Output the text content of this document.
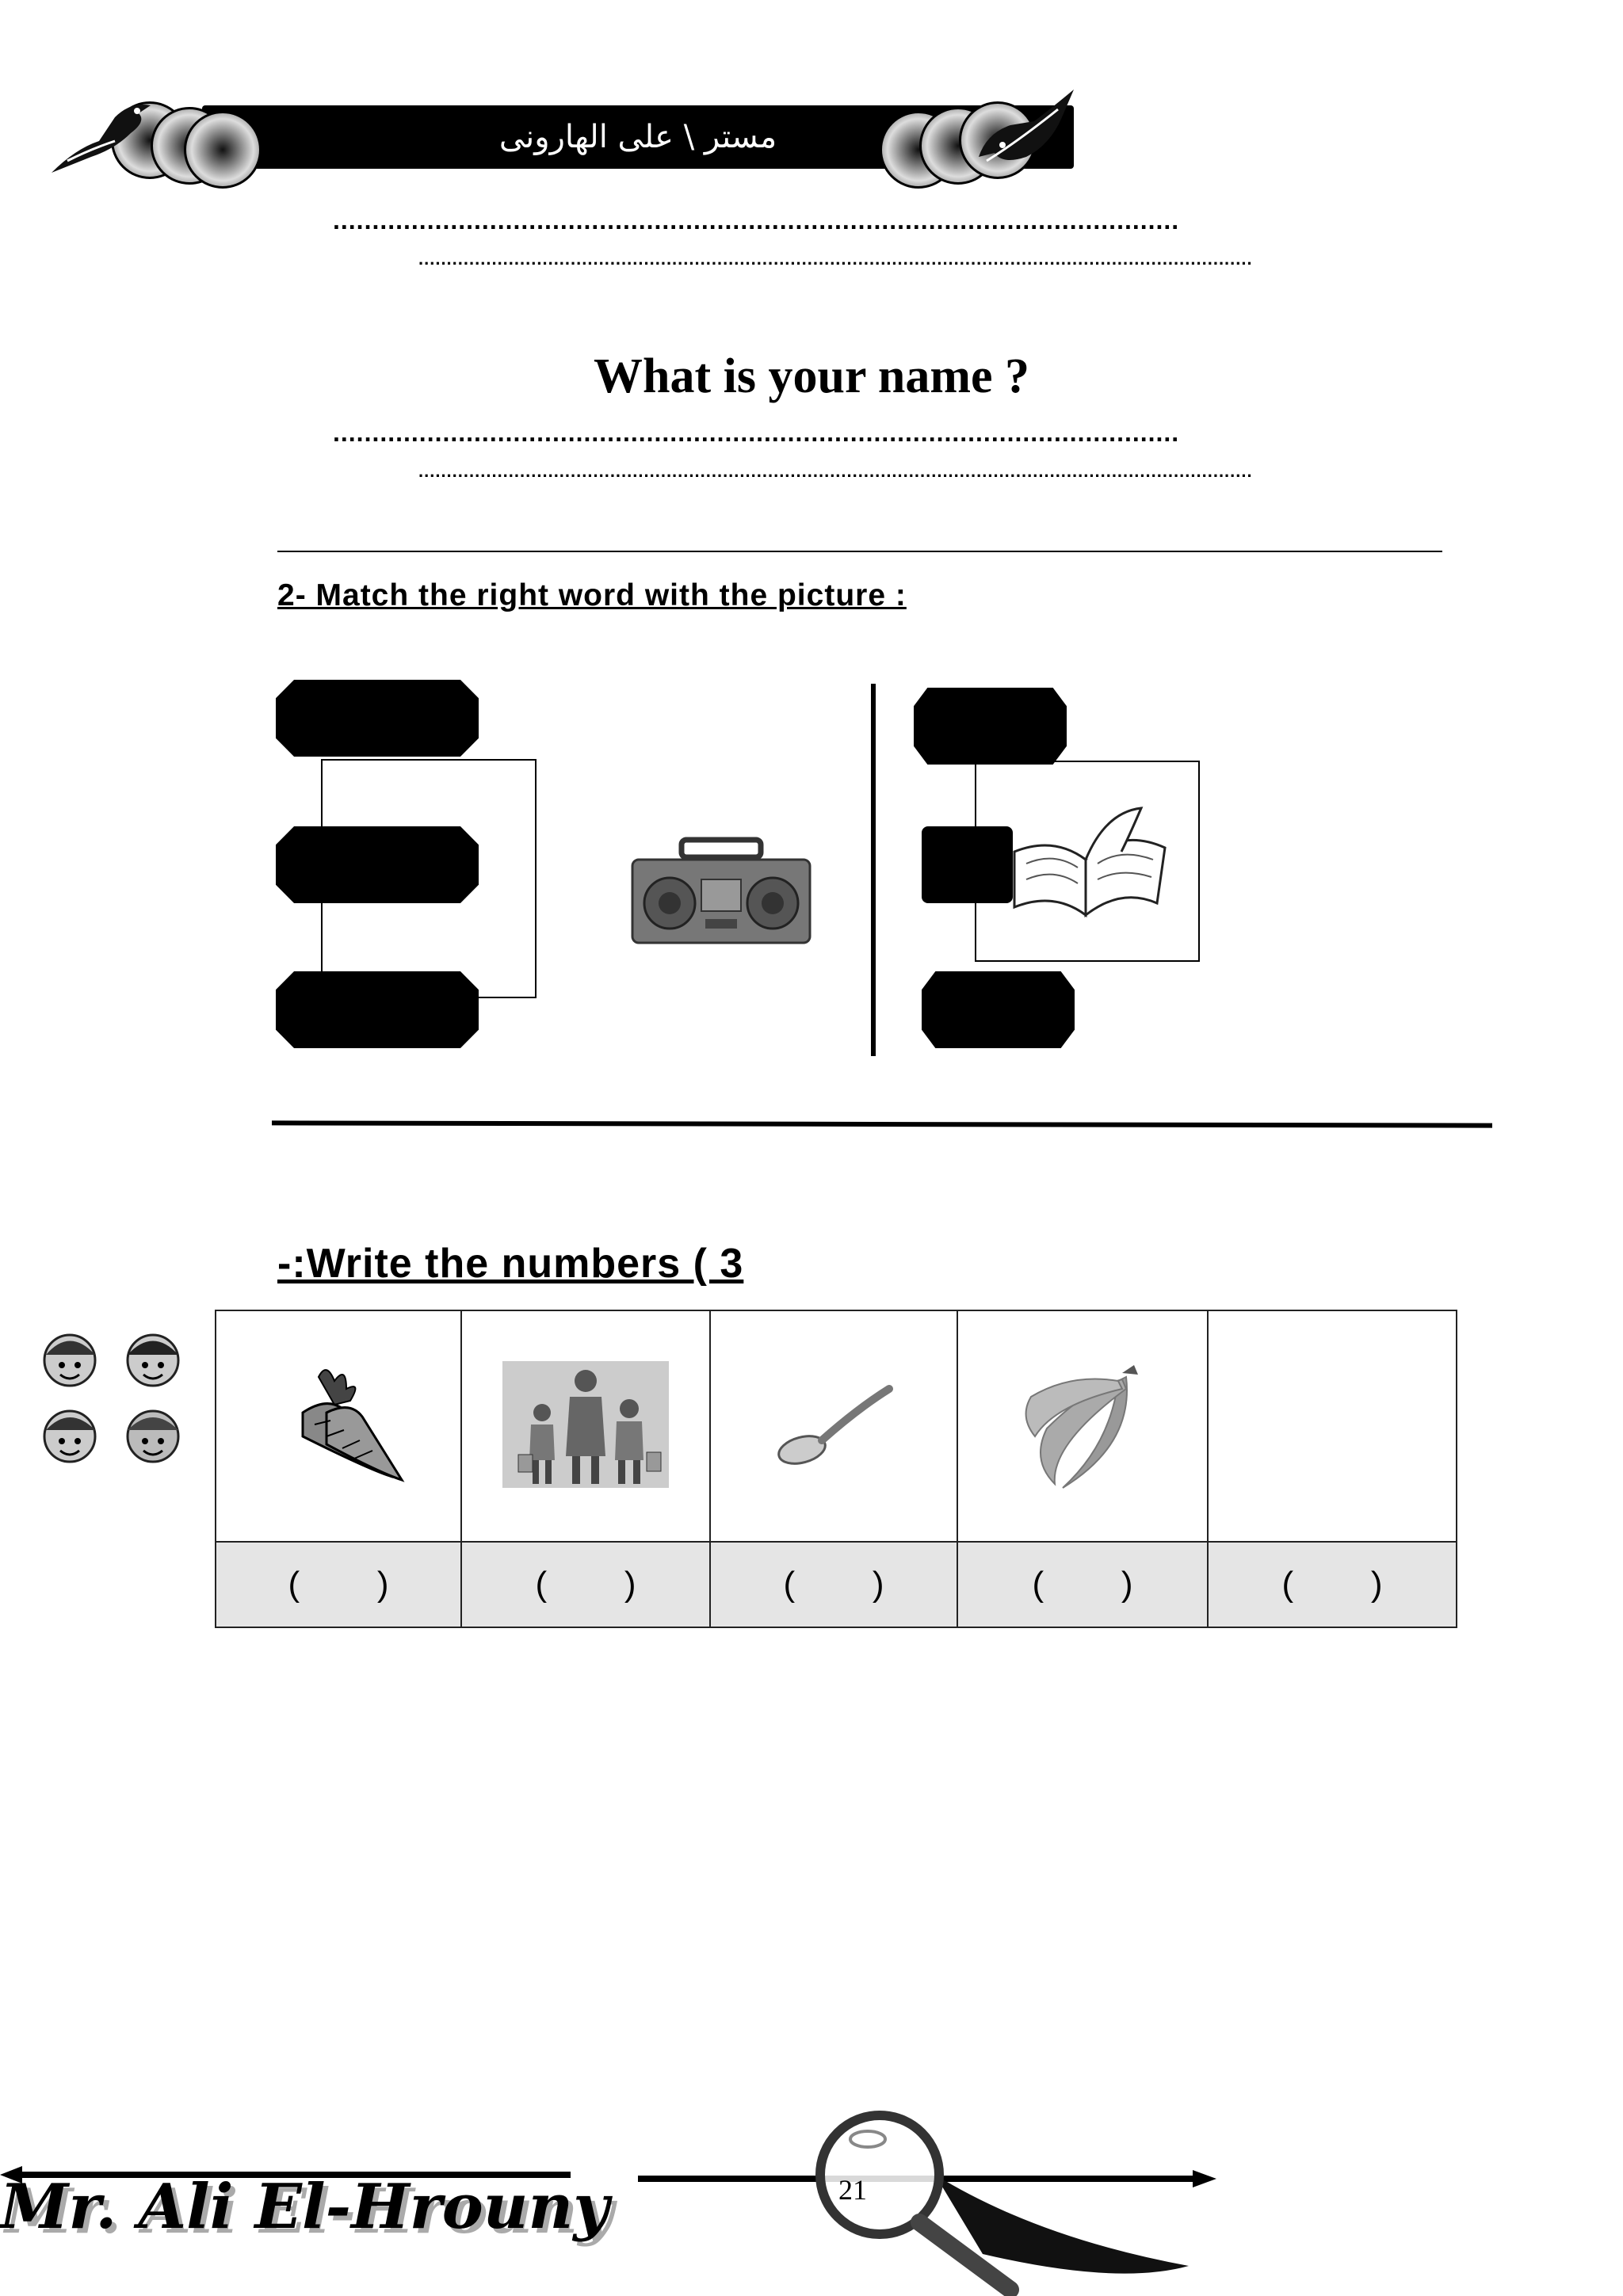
مستر \ على الهارونى
............................................................................................................
....................................................................................................................................................
What is your name ?
............................................................................................................
....................................................................................................................................................
2- Match the right word with the picture :
-:Write the numbers ( 3

(        )	(        )	(        )	(        )	(        )
21
Mr. Ali El-Hrouny
